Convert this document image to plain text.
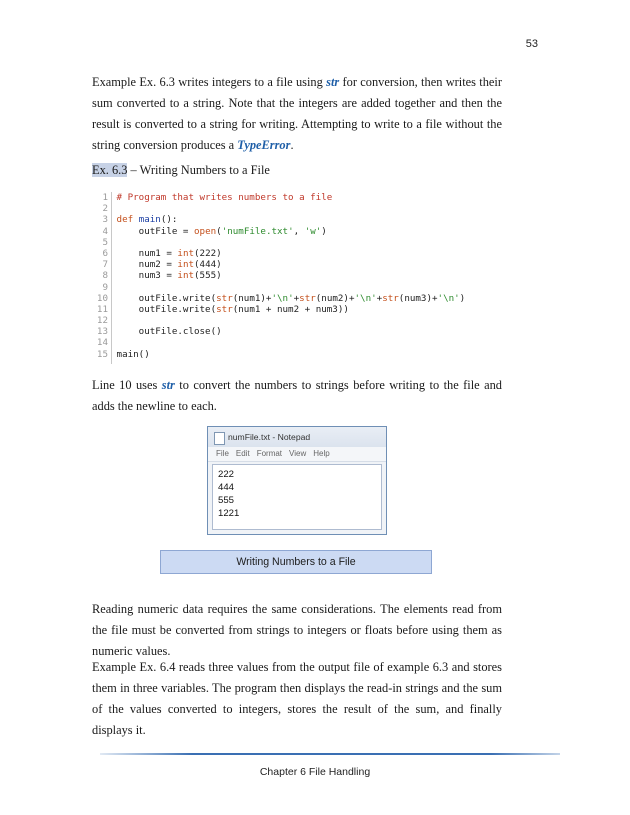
53

Example Ex. 6.3 writes integers to a file using str for conversion, then writes their sum converted to a string. Note that the integers are added together and then the result is converted to a string for writing. Attempting to write to a file without the string conversion produces a TypeError.

Ex. 6.3 – Writing Numbers to a File
1 # Program that writes numbers to a file
2

3 def main():
4 outFile = open('numFile.txt', 'w')
5

6 num1 = int(222)
7 num2 = int(444)
8 num3 = int(555)
9

10 outFile.write(str(num1)+'\n'+str(num2)+'\n'+str(num3)+'\n')
11 outFile.write(str(num1 + num2 + num3))
12

13 outFile.close()
14

15 main()

Line 10 uses str to convert the numbers to strings before writing to the file and adds the newline to each.

numFile.txt - Notepad
File Edit Format View Help
222
444
555
1221
Writing Numbers to a File

Reading numeric data requires the same considerations. The elements read from the file must be converted from strings to integers or floats before using them as numeric values.

Example Ex. 6.4 reads three values from the output file of example 6.3 and stores them in three variables. The program then displays the read-in strings and the sum of the values converted to integers, stores the result of the sum, and finally displays it.

Chapter 6 File Handling
